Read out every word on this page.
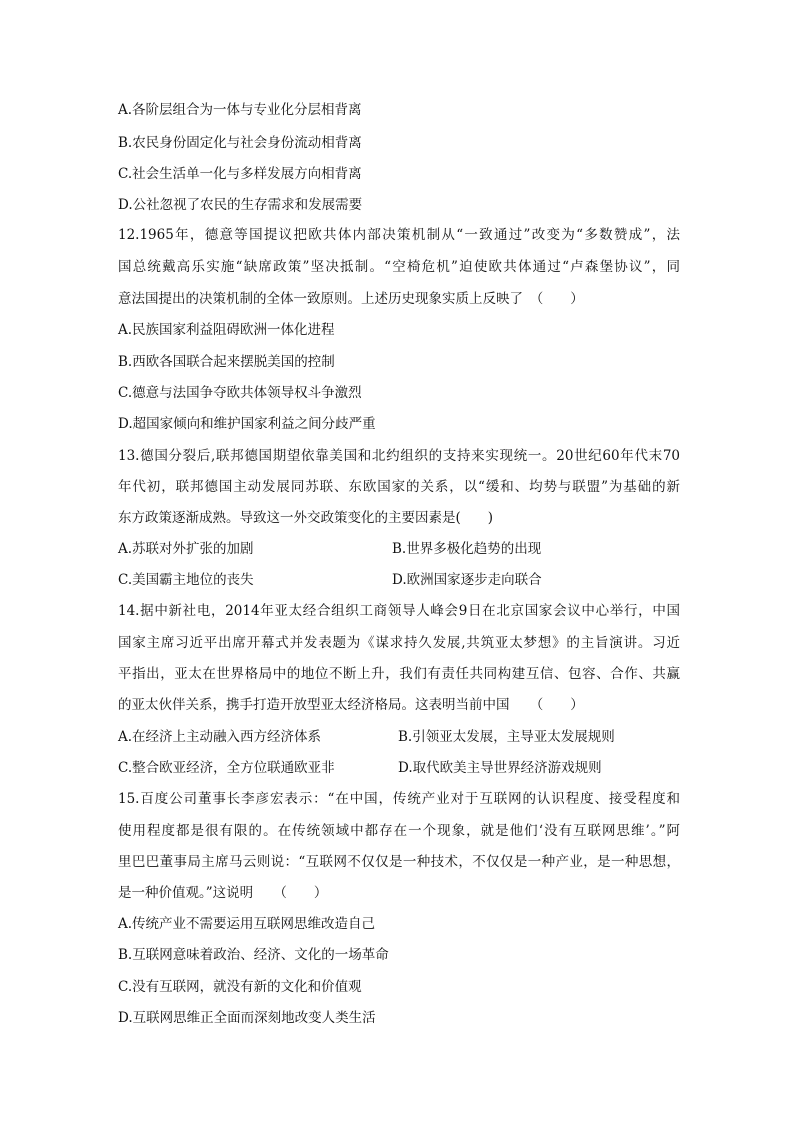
A.各阶层组合为一体与专业化分层相背离
B.农民身份固定化与社会身份流动相背离
C.社会生活单一化与多样发展方向相背离
D.公社忽视了农民的生存需求和发展需要
12.1965年，德意等国提议把欧共体内部决策机制从“一致通过”改变为“多数赞成”，法
国总统戴高乐实施“缺席政策”坚决抵制。“空椅危机”迫使欧共体通过“卢森堡协议”，同
意法国提出的决策机制的全体一致原则。上述历史现象实质上反映了　（　　）
A.民族国家利益阻碍欧洲一体化进程
B.西欧各国联合起来摆脱美国的控制
C.德意与法国争夺欧共体领导权斗争激烈
D.超国家倾向和维护国家利益之间分歧严重
13.德国分裂后,联邦德国期望依靠美国和北约组织的支持来实现统一。20世纪60年代末70
年代初，联邦德国主动发展同苏联、东欧国家的关系，以“缓和、均势与联盟”为基础的新
东方政策逐渐成熟。导致这一外交政策变化的主要因素是(　　)
A.苏联对外扩张的加剧	B.世界多极化趋势的出现
C.美国霸主地位的丧失	D.欧洲国家逐步走向联合
14.据中新社电，2014年亚太经合组织工商领导人峰会9日在北京国家会议中心举行，中国
国家主席习近平出席开幕式并发表题为《谋求持久发展,共筑亚太梦想》的主旨演讲。习近
平指出，亚太在世界格局中的地位不断上升，我们有责任共同构建互信、包容、合作、共赢
的亚太伙伴关系，携手打造开放型亚太经济格局。这表明当前中国　　（　　）
A.在经济上主动融入西方经济体系	B.引领亚太发展，主导亚太发展规则
C.整合欧亚经济，全方位联通欧亚非	D.取代欧美主导世界经济游戏规则
15.百度公司董事长李彦宏表示：“在中国，传统产业对于互联网的认识程度、接受程度和
使用程度都是很有限的。在传统领域中都存在一个现象，就是他们‘没有互联网思维’。”阿
里巴巴董事局主席马云则说：“互联网不仅仅是一种技术，不仅仅是一种产业，是一种思想，
是一种价值观。”这说明　　（　　）
A.传统产业不需要运用互联网思维改造自己
B.互联网意味着政治、经济、文化的一场革命
C.没有互联网，就没有新的文化和价值观
D.互联网思维正全面而深刻地改变人类生活
